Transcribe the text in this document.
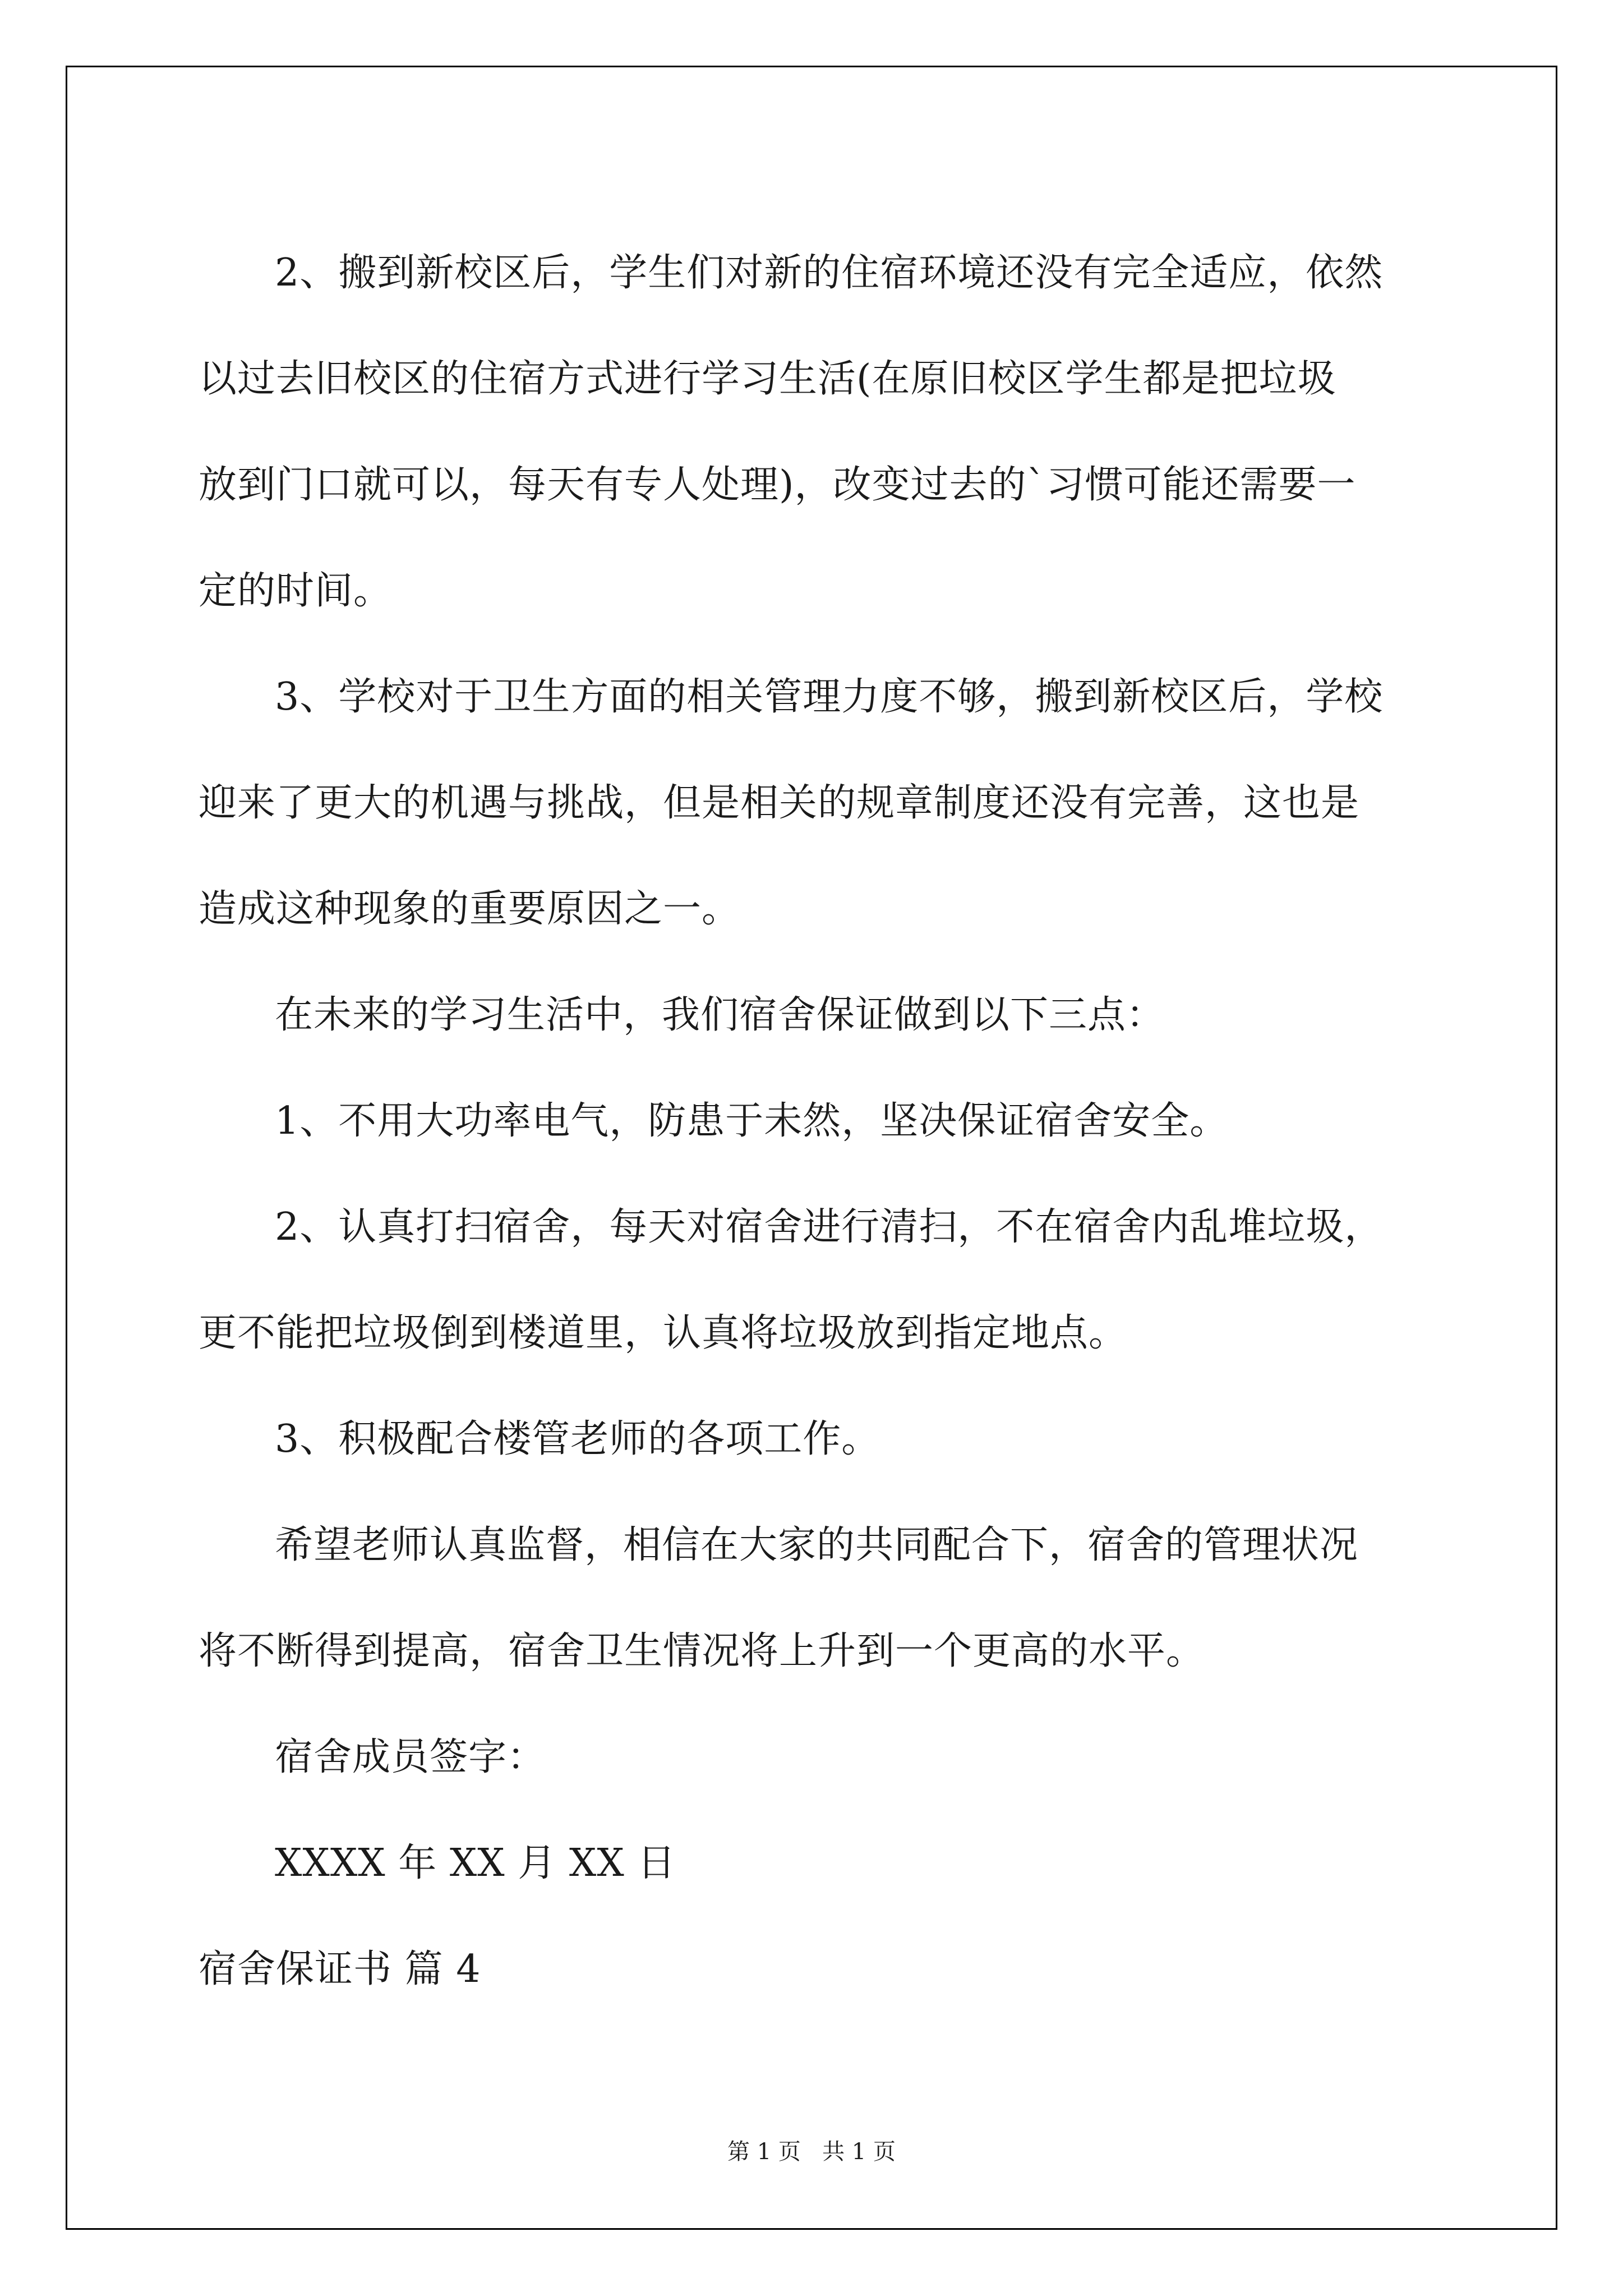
2、搬到新校区后，学生们对新的住宿环境还没有完全适应，依然
以过去旧校区的住宿方式进行学习生活(在原旧校区学生都是把垃圾
放到门口就可以，每天有专人处理)，改变过去的`习惯可能还需要一
定的时间。
3、学校对于卫生方面的相关管理力度不够，搬到新校区后，学校
迎来了更大的机遇与挑战，但是相关的规章制度还没有完善，这也是
造成这种现象的重要原因之一。
在未来的学习生活中，我们宿舍保证做到以下三点：
1、不用大功率电气，防患于未然，坚决保证宿舍安全。
2、认真打扫宿舍，每天对宿舍进行清扫，不在宿舍内乱堆垃圾，
更不能把垃圾倒到楼道里，认真将垃圾放到指定地点。
3、积极配合楼管老师的各项工作。
希望老师认真监督，相信在大家的共同配合下，宿舍的管理状况
将不断得到提高，宿舍卫生情况将上升到一个更高的水平。
宿舍成员签字：
XXXX 年 XX 月 XX 日
宿舍保证书 篇 4
第 1 页   共 1 页
